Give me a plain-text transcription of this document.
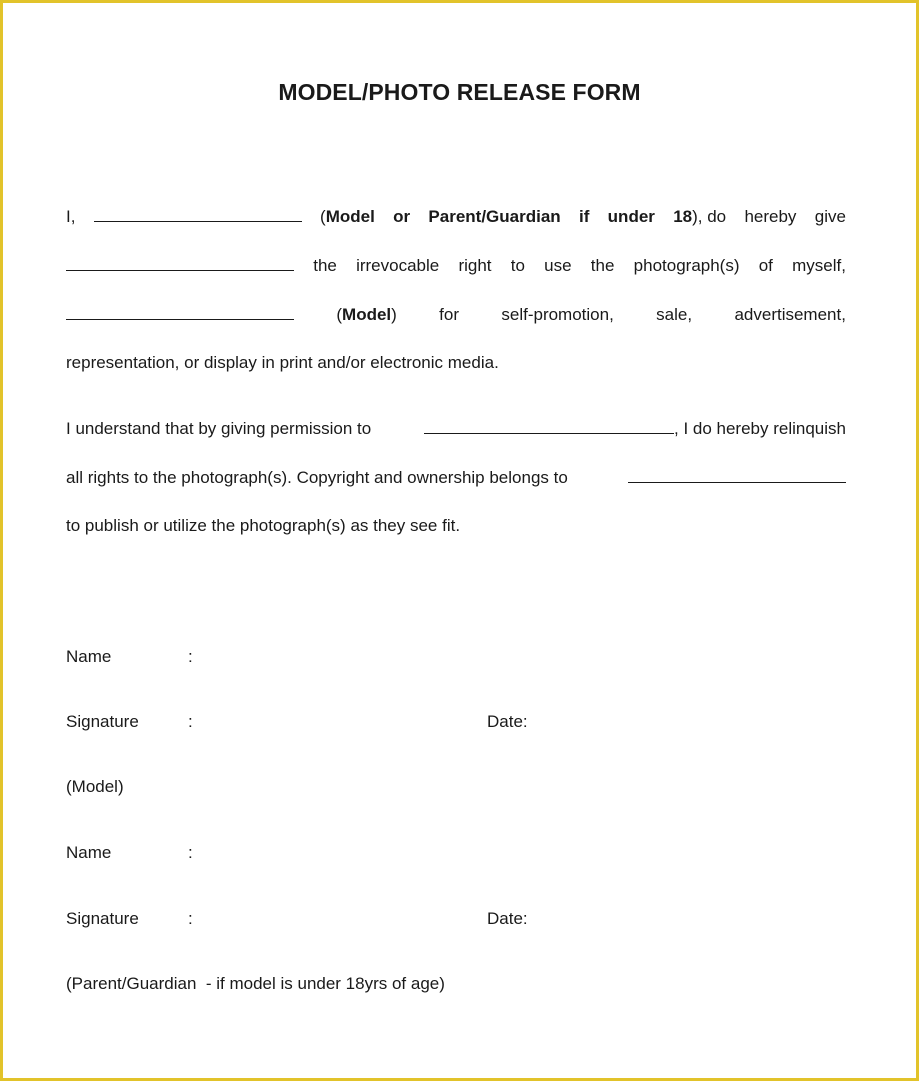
MODEL/PHOTO RELEASE FORM
I,	(Model or Parent/Guardian if under 18), do hereby give
the irrevocable right to use the photograph(s) of myself,
(Model) for self-promotion, sale, advertisement,
representation, or display in print and/or electronic media.
I understand that by giving permission to	, I do hereby relinquish
all rights to the photograph(s). Copyright and ownership belongs to
to publish or utilize the photograph(s) as they see fit.
Name	:
Signature	:	Date:
(Model)
Name	:
Signature	:	Date:
(Parent/Guardian  - if model is under 18yrs of age)
